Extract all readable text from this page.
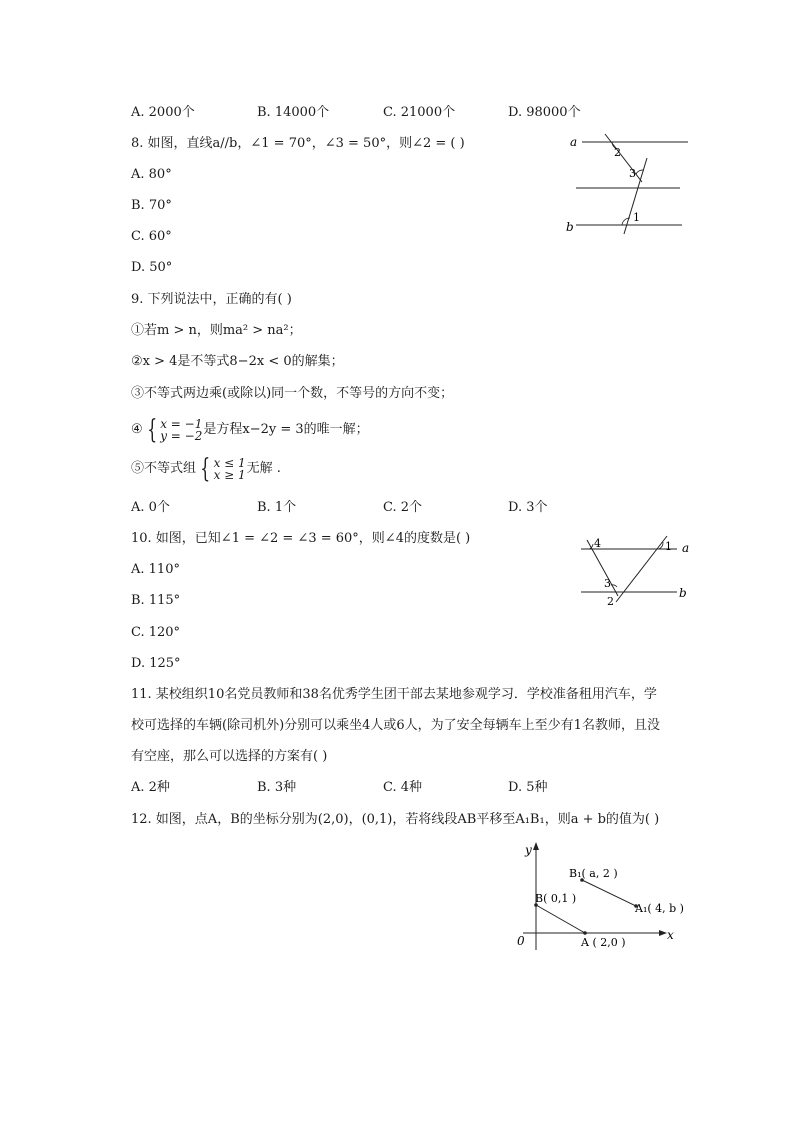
A. 2000个	B. 14000个	C. 21000个	D. 98000个
8. 如图，直线a//b，∠1 = 70°，∠3 = 50°，则∠2 = ( )
A. 80°
B. 70°
C. 60°
D. 50°
a
b
1
2
3
9. 下列说法中，正确的有( )
①若m > n，则ma² > na²；
②x > 4是不等式8−2x < 0的解集；
③不等式两边乘(或除以)同一个数，不等号的方向不变；
④ { x = −1
y = −2 是方程x−2y = 3的唯一解；
⑤不等式组 { x ≤ 1
x ≥ 1 无解 .
A. 0个	B. 1个	C. 2个	D. 3个
10. 如图，已知∠1 = ∠2 = ∠3 = 60°，则∠4的度数是( )
A. 110°
B. 115°
C. 120°
D. 125°
a
b
1
2
3
4
11. 某校组织10名党员教师和38名优秀学生团干部去某地参观学习．学校准备租用汽车，学
校可选择的车辆(除司机外)分别可以乘坐4人或6人，为了安全每辆车上至少有1名教师，且没
有空座，那么可以选择的方案有( )
A. 2种	B. 3种	C. 4种	D. 5种
12. 如图，点A，B的坐标分别为(2,0)，(0,1)，若将线段AB平移至A₁B₁，则a + b的值为( )
y
x
0
B( 0,1 )
A ( 2,0 )
B₁( a, 2 )
A₁( 4, b )
